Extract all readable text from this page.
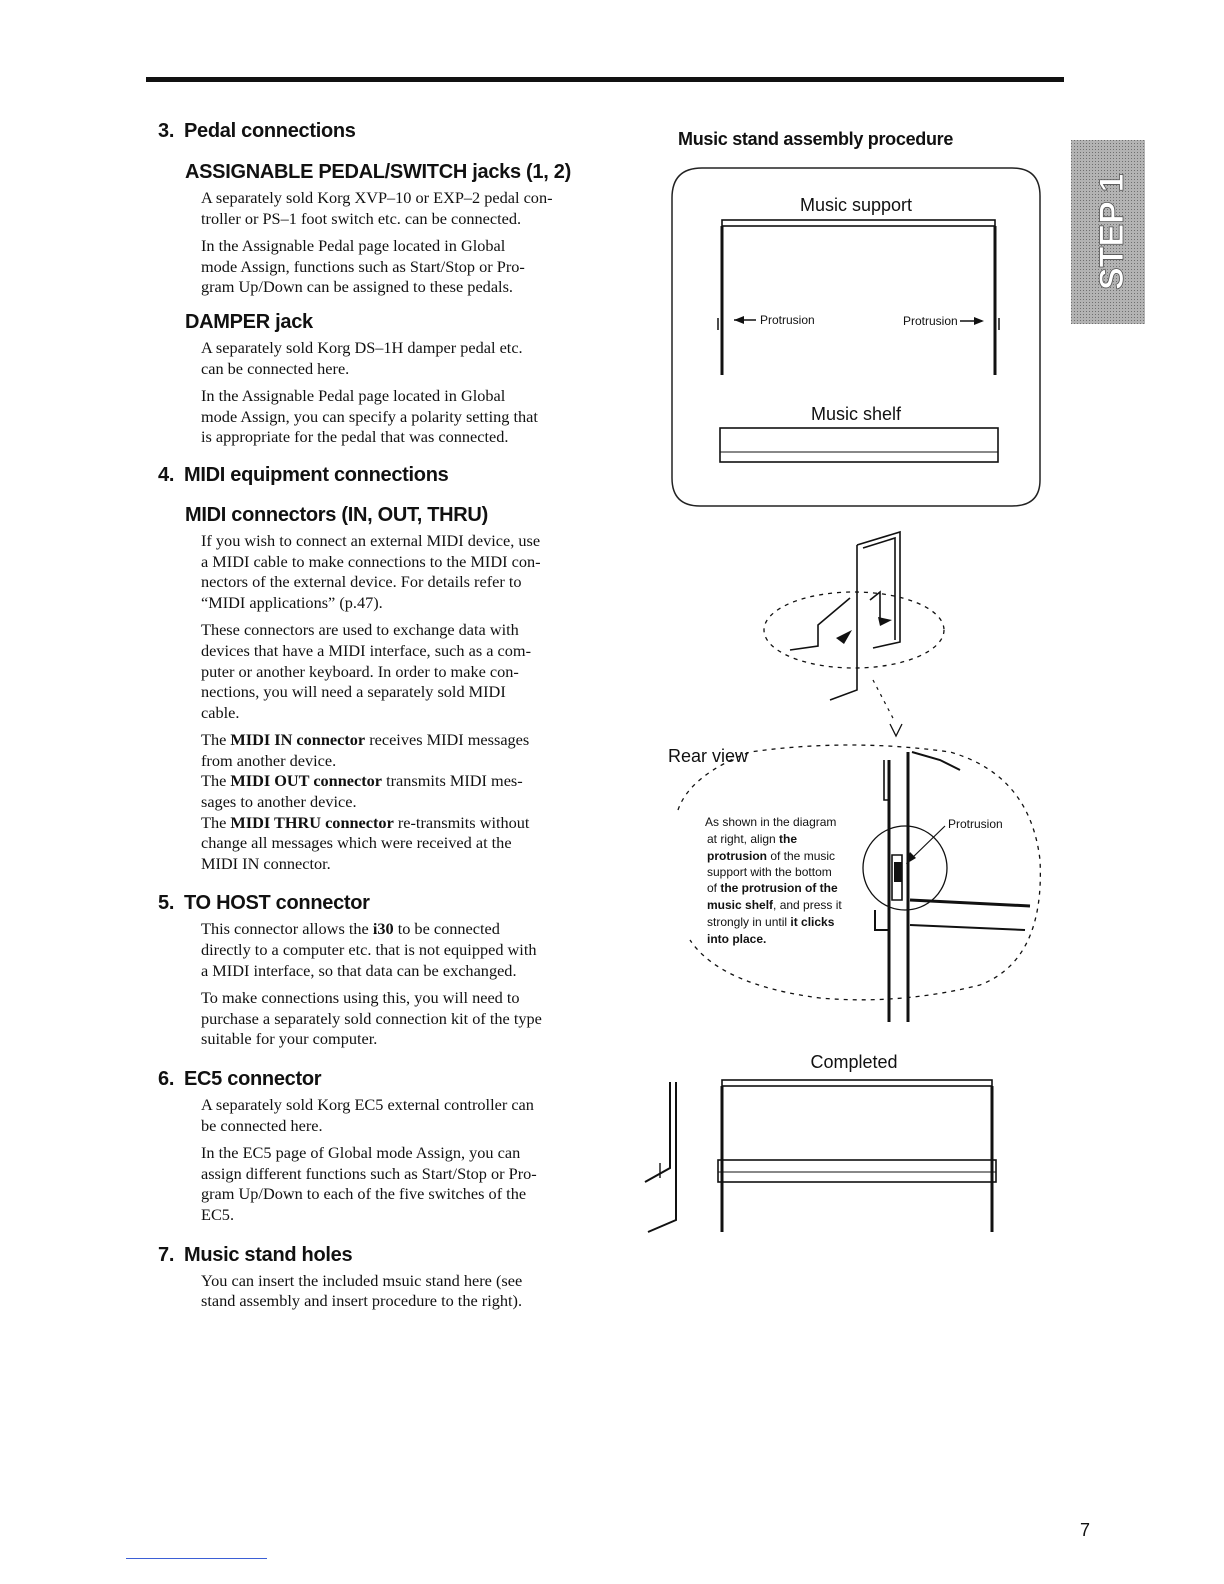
3. Pedal connections
ASSIGNABLE PEDAL/SWITCH jacks (1, 2)

A separately sold Korg XVP–10 or EXP–2 pedal con-
troller or PS–1 foot switch etc. can be connected.

In the Assignable Pedal page located in Global
mode Assign, functions such as Start/Stop or Pro-
gram Up/Down can be assigned to these pedals.

DAMPER jack

A separately sold Korg DS–1H damper pedal etc.
can be connected here.

In the Assignable Pedal page located in Global
mode Assign, you can specify a polarity setting that
is appropriate for the pedal that was connected.

4. MIDI equipment connections
MIDI connectors (IN, OUT, THRU)

If you wish to connect an external MIDI device, use
a MIDI cable to make connections to the MIDI con-
nectors of the external device. For details refer to
“MIDI applications” (p.47).

These connectors are used to exchange data with
devices that have a MIDI interface, such as a com-
puter or another keyboard. In order to make con-
nections, you will need a separately sold MIDI
cable.

The MIDI IN connector receives MIDI messages
from another device.
The MIDI OUT connector transmits MIDI mes-
sages to another device.
The MIDI THRU connector re-transmits without
change all messages which were received at the
MIDI IN connector.

5. TO HOST connector

This connector allows the i30 to be connected
directly to a computer etc. that is not equipped with
a MIDI interface, so that data can be exchanged.

To make connections using this, you will need to
purchase a separately sold connection kit of the type
suitable for your computer.

6. EC5 connector

A separately sold Korg EC5 external controller can
be connected here.

In the EC5 page of Global mode Assign, you can
assign different functions such as Start/Stop or Pro-
gram Up/Down to each of the five switches of the
EC5.

7. Music stand holes

You can insert the included msuic stand here (see
stand assembly and insert procedure to the right).

Music stand assembly procedure
Music support
Protrusion	Protrusion
Music shelf
Rear view
Protrusion
As shown in the diagram
at right, align the
protrusion of the music
support with the bottom
of the protrusion of the
music shelf, and press it
strongly in until it clicks
into place.
Completed
STEP 1
7
